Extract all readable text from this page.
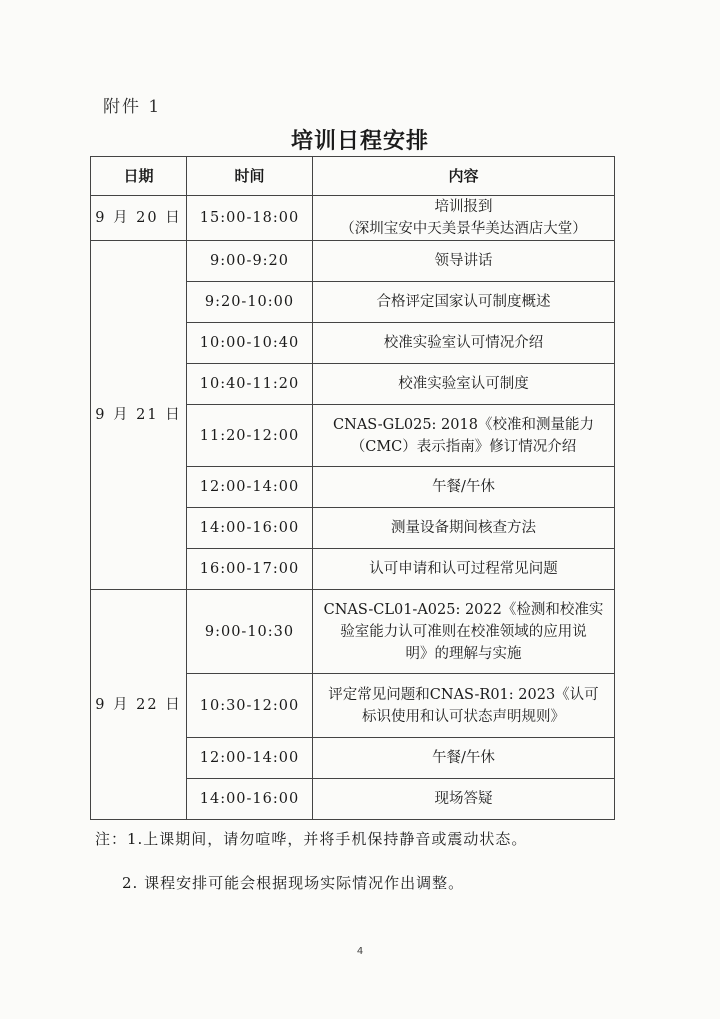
附件 1
培训日程安排
日期	时间	内容
9 月 20 日	15:00-18:00	培训报到
（深圳宝安中天美景华美达酒店大堂）

9 月 21 日	9:00-9:20	领导讲话
	9:20-10:00	合格评定国家认可制度概述
	10:00-10:40	校准实验室认可情况介绍
	10:40-11:20	校准实验室认可制度
	11:20-12:00	CNAS-GL025: 2018《校准和测量能力
（CMC）表示指南》修订情况介绍

	12:00-14:00	午餐/午休
	14:00-16:00	测量设备期间核查方法
	16:00-17:00	认可申请和认可过程常见问题
9 月 22 日	9:00-10:30	CNAS-CL01-A025: 2022《检测和校准实
验室能力认可准则在校准领域的应用说
明》的理解与实施

	10:30-12:00	评定常见问题和CNAS-R01: 2023《认可
标识使用和认可状态声明规则》

	12:00-14:00	午餐/午休
	14:00-16:00	现场答疑
注：1.上课期间，请勿喧哗，并将手机保持静音或震动状态。
2. 课程安排可能会根据现场实际情况作出调整。
4
